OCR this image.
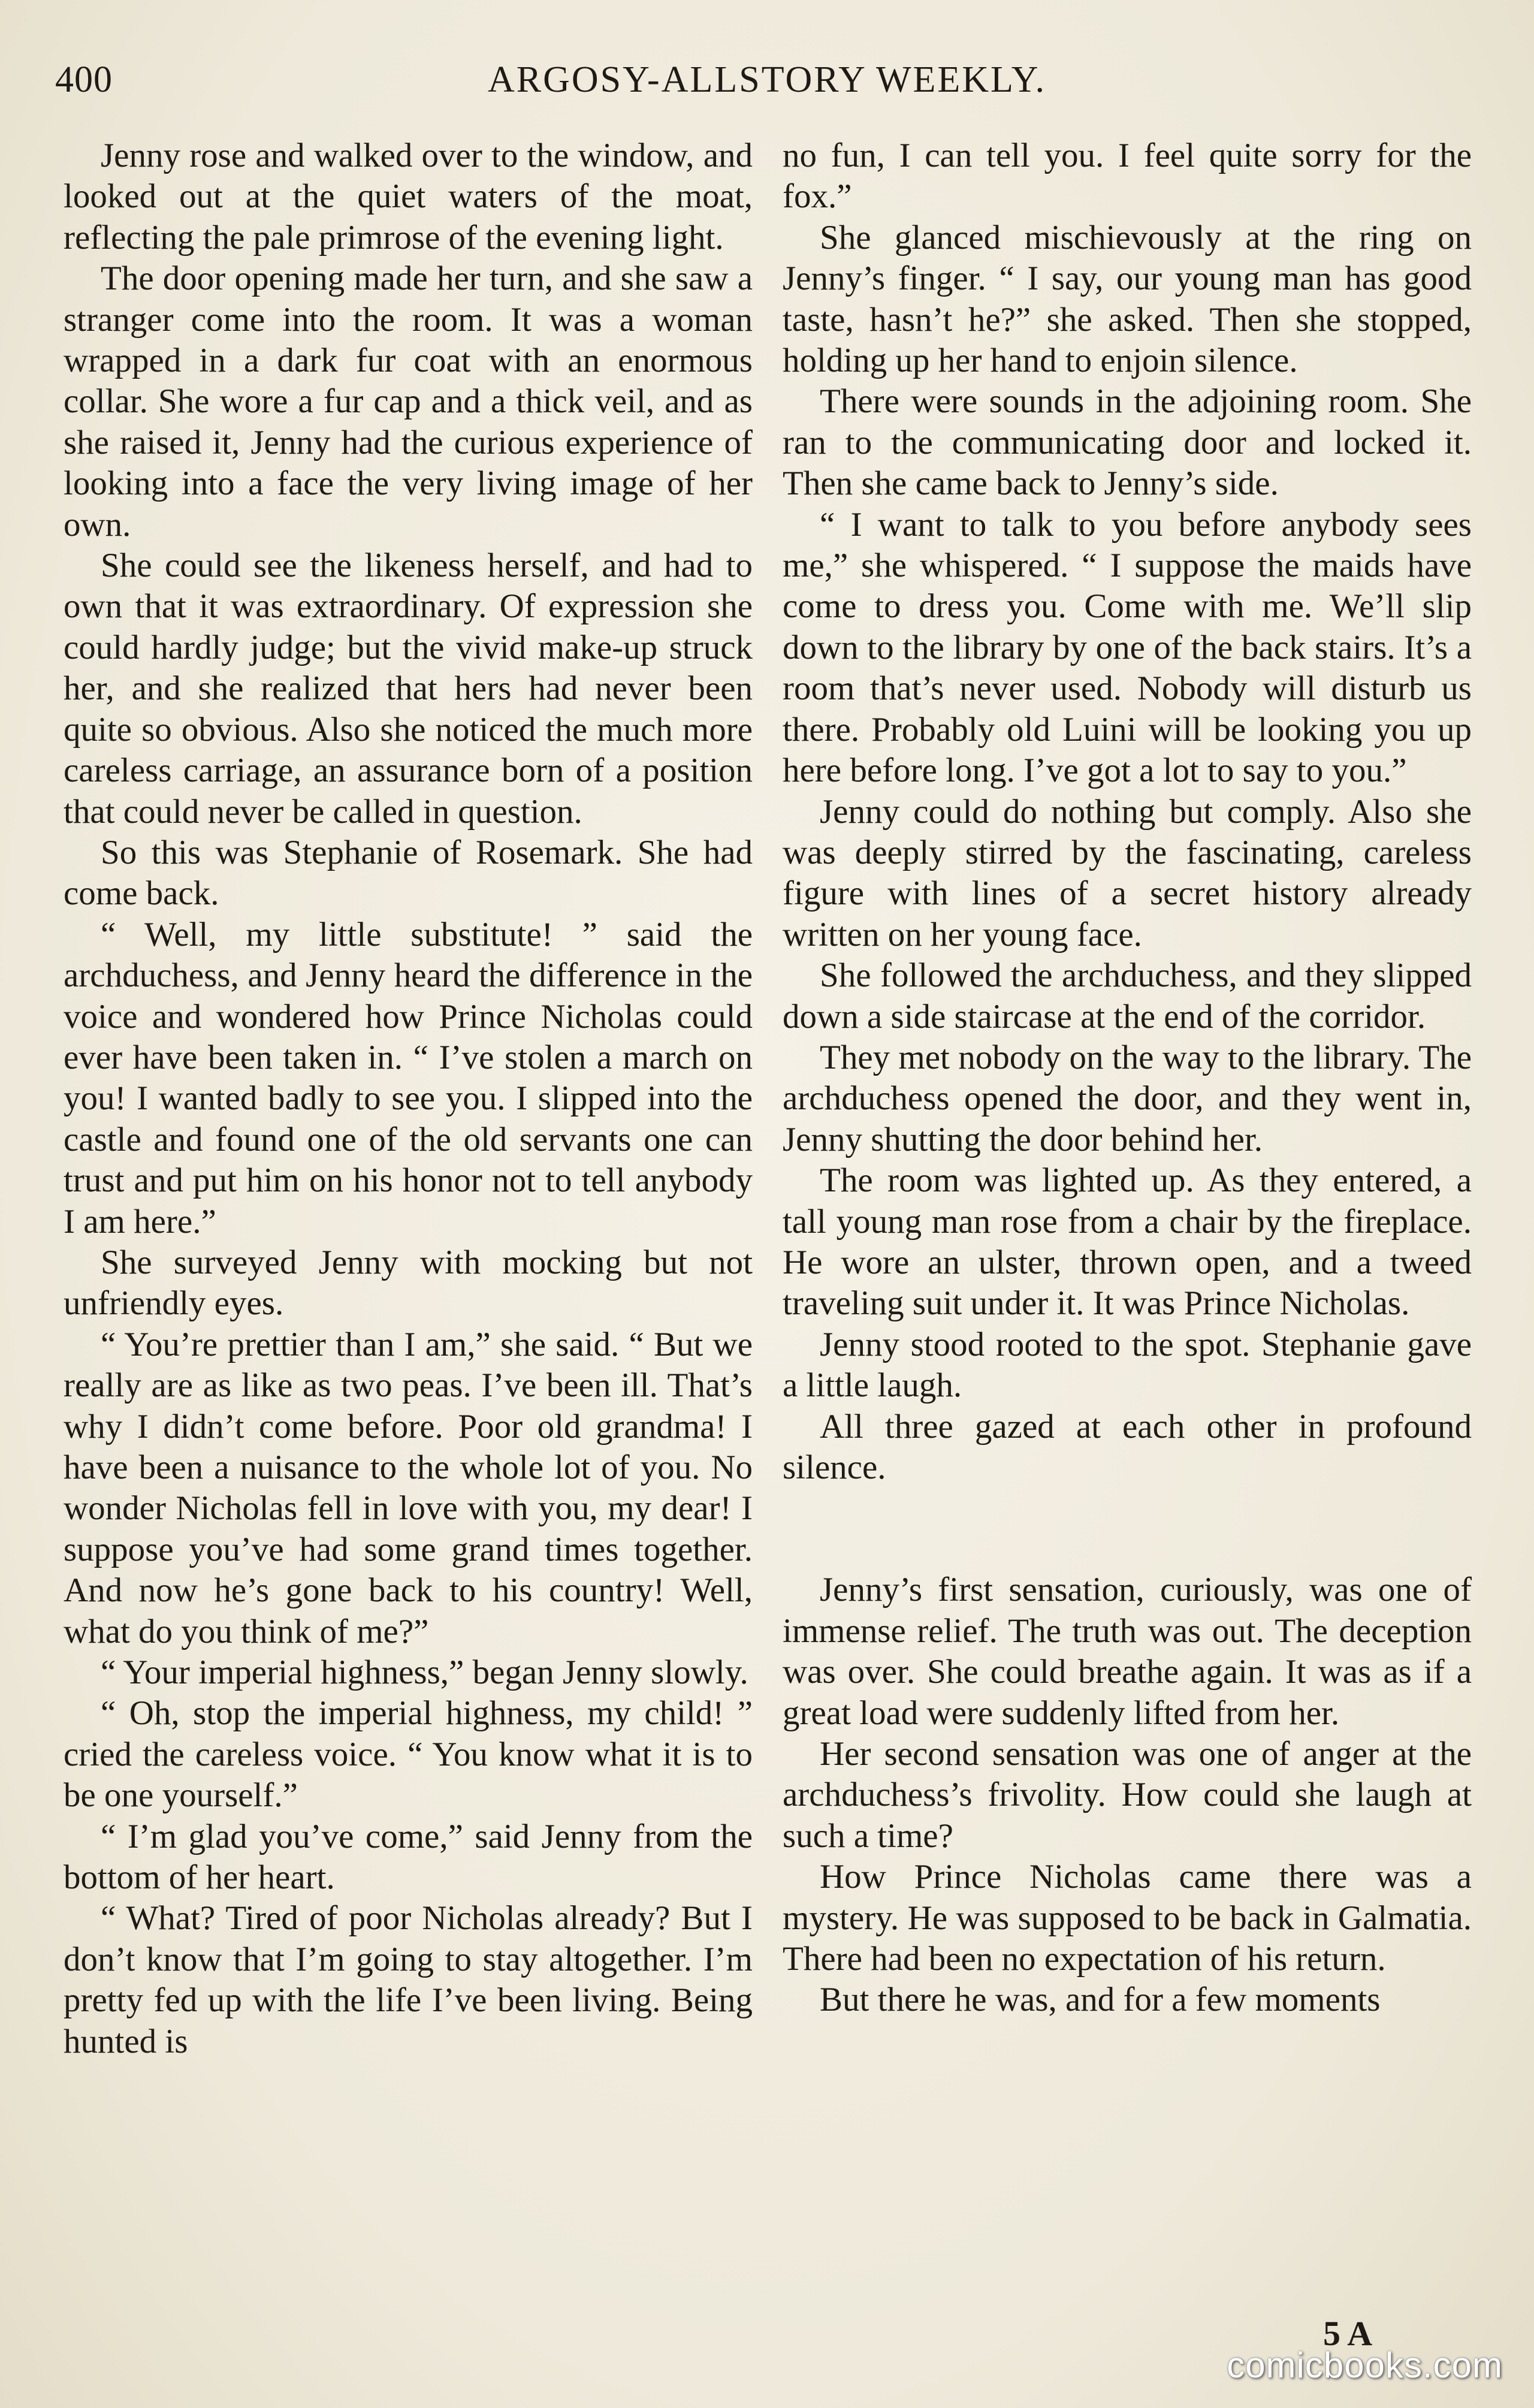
400	ARGOSY-ALLSTORY WEEKLY.

Jenny rose and walked over to the window, and looked out at the quiet waters of the moat, reflecting the pale primrose of the evening light.

The door opening made her turn, and she saw a stranger come into the room. It was a woman wrapped in a dark fur coat with an enormous collar. She wore a fur cap and a thick veil, and as she raised it, Jenny had the curious experience of looking into a face the very living image of her own.

She could see the likeness herself, and had to own that it was extraordinary. Of expression she could hardly judge; but the vivid make-up struck her, and she realized that hers had never been quite so obvious. Also she noticed the much more careless carriage, an assurance born of a position that could never be called in question.

So this was Stephanie of Rosemark. She had come back.

“ Well, my little substitute! ” said the archduchess, and Jenny heard the difference in the voice and wondered how Prince Nicholas could ever have been taken in. “ I’ve stolen a march on you! I wanted badly to see you. I slipped into the castle and found one of the old servants one can trust and put him on his honor not to tell anybody I am here.”

She surveyed Jenny with mocking but not unfriendly eyes.

“ You’re prettier than I am,” she said. “ But we really are as like as two peas. I’ve been ill. That’s why I didn’t come before. Poor old grandma! I have been a nuisance to the whole lot of you. No wonder Nicholas fell in love with you, my dear! I suppose you’ve had some grand times together. And now he’s gone back to his country! Well, what do you think of me?”

“ Your imperial highness,” began Jenny slowly.

“ Oh, stop the imperial highness, my child! ” cried the careless voice. “ You know what it is to be one yourself.”

“ I’m glad you’ve come,” said Jenny from the bottom of her heart.

“ What? Tired of poor Nicholas already? But I don’t know that I’m going to stay altogether. I’m pretty fed up with the life I’ve been living. Being hunted is

no fun, I can tell you. I feel quite sorry for the fox.”

She glanced mischievously at the ring on Jenny’s finger. “ I say, our young man has good taste, hasn’t he?” she asked. Then she stopped, holding up her hand to enjoin silence.

There were sounds in the adjoining room. She ran to the communicating door and locked it. Then she came back to Jenny’s side.

“ I want to talk to you before anybody sees me,” she whispered. “ I suppose the maids have come to dress you. Come with me. We’ll slip down to the library by one of the back stairs. It’s a room that’s never used. Nobody will disturb us there. Probably old Luini will be looking you up here before long. I’ve got a lot to say to you.”

Jenny could do nothing but comply. Also she was deeply stirred by the fascinating, careless figure with lines of a secret history already written on her young face.

She followed the archduchess, and they slipped down a side staircase at the end of the corridor.

They met nobody on the way to the library. The archduchess opened the door, and they went in, Jenny shutting the door behind her.

The room was lighted up. As they entered, a tall young man rose from a chair by the fireplace. He wore an ulster, thrown open, and a tweed traveling suit under it. It was Prince Nicholas.

Jenny stood rooted to the spot. Stephanie gave a little laugh.

All three gazed at each other in profound silence.

Jenny’s first sensation, curiously, was one of immense relief. The truth was out. The deception was over. She could breathe again. It was as if a great load were suddenly lifted from her.

Her second sensation was one of anger at the archduchess’s frivolity. How could she laugh at such a time?

How Prince Nicholas came there was a mystery. He was supposed to be back in Galmatia. There had been no expectation of his return.

But there he was, and for a few moments

5 A
comicbooks.com
